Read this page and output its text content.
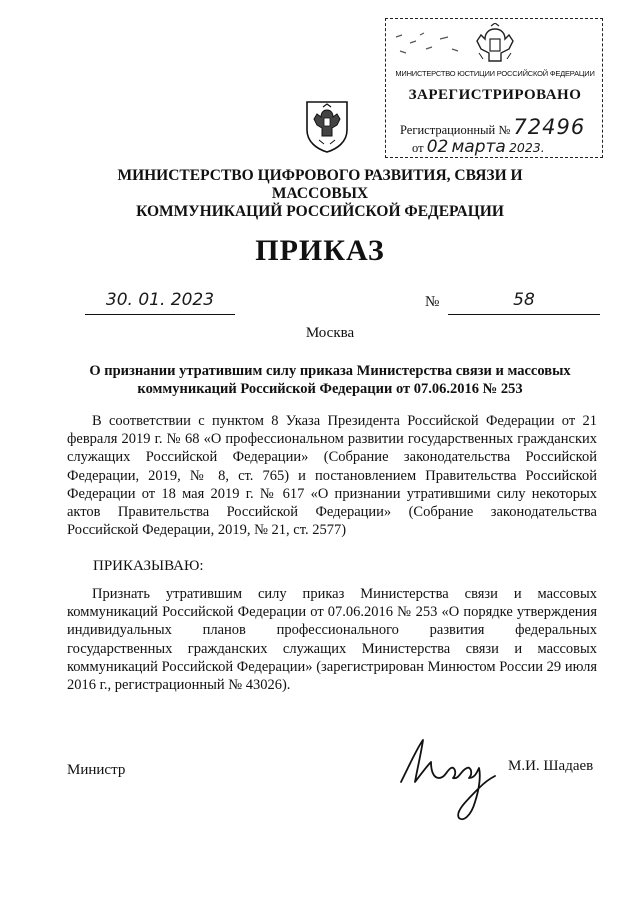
МИНИСТЕРСТВО ЮСТИЦИИ РОССИЙСКОЙ ФЕДЕРАЦИИ
ЗАРЕГИСТРИРОВАНО
Регистрационный № 72496
от 02 марта 2023.
МИНИСТЕРСТВО ЦИФРОВОГО РАЗВИТИЯ, СВЯЗИ И МАССОВЫХ
КОММУНИКАЦИЙ РОССИЙСКОЙ ФЕДЕРАЦИИ
ПРИКАЗ
30. 01. 2023	№	58
Москва
О признании утратившим силу приказа Министерства связи и массовых
коммуникаций Российской Федерации от 07.06.2016 № 253
В соответствии с пунктом 8 Указа Президента Российской Федерации от 21 февраля 2019 г. № 68 «О профессиональном развитии государственных гражданских служащих Российской Федерации» (Собрание законодательства Российской Федерации, 2019, № 8, ст. 765) и постановлением Правительства Российской Федерации от 18 мая 2019 г. № 617 «О признании утратившими силу некоторых актов Правительства Российской Федерации» (Собрание законодательства Российской Федерации, 2019, № 21, ст. 2577)
ПРИКАЗЫВАЮ:
Признать утратившим силу приказ Министерства связи и массовых коммуникаций Российской Федерации от 07.06.2016 № 253 «О порядке утверждения индивидуальных планов профессионального развития федеральных государственных гражданских служащих Министерства связи и массовых коммуникаций Российской Федерации» (зарегистрирован Минюстом России 29 июля 2016 г., регистрационный № 43026).
Министр	М.И. Шадаев
